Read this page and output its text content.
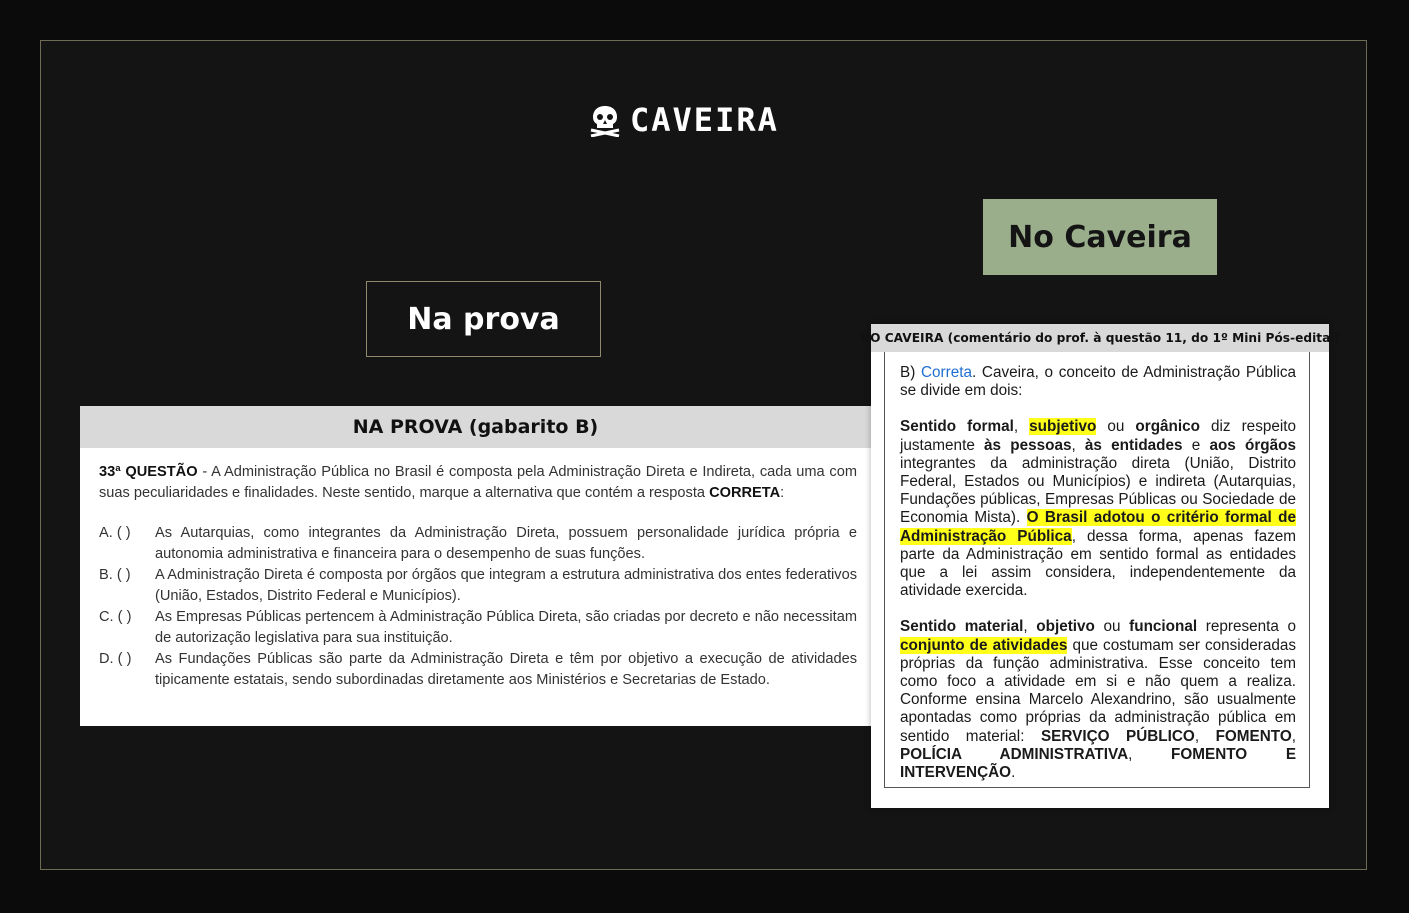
CAVEIRA
No Caveira
Na prova
NA PROVA (gabarito B)

33ª QUESTÃO - A Administração Pública no Brasil é composta pela Administração Direta e Indireta, cada uma com suas peculiaridades e finalidades. Neste sentido, marque a alternativa que contém a resposta CORRETA:

A. ( )	As Autarquias, como integrantes da Administração Direta, possuem personalidade jurídica própria e autonomia administrativa e financeira para o desempenho de suas funções.
B. ( )	A Administração Direta é composta por órgãos que integram a estrutura administrativa dos entes federativos (União, Estados, Distrito Federal e Municípios).
C. ( )	As Empresas Públicas pertencem à Administração Pública Direta, são criadas por decreto e não necessitam de autorização legislativa para sua instituição.
D. ( )	As Fundações Públicas são parte da Administração Direta e têm por objetivo a execução de atividades tipicamente estatais, sendo subordinadas diretamente aos Ministérios e Secretarias de Estado.
NO CAVEIRA (comentário do prof. à questão 11, do 1º Mini Pós-edital)

B) Correta. Caveira, o conceito de Administração Pública se divide em dois:

Sentido formal, subjetivo ou orgânico diz respeito justamente às pessoas, às entidades e aos órgãos integrantes da administração direta (União, Distrito Federal, Estados ou Municípios) e indireta (Autarquias, Fundações públicas, Empresas Públicas ou Sociedade de Economia Mista). O Brasil adotou o critério formal de Administração Pública, dessa forma, apenas fazem parte da Administração em sentido formal as entidades que a lei assim considera, independentemente da atividade exercida.

Sentido material, objetivo ou funcional representa o conjunto de atividades que costumam ser consideradas próprias da função administrativa. Esse conceito tem como foco a atividade em si e não quem a realiza. Conforme ensina Marcelo Alexandrino, são usualmente apontadas como próprias da administração pública em sentido material: SERVIÇO PÚBLICO, FOMENTO, POLÍCIA ADMINISTRATIVA, FOMENTO E INTERVENÇÃO.
